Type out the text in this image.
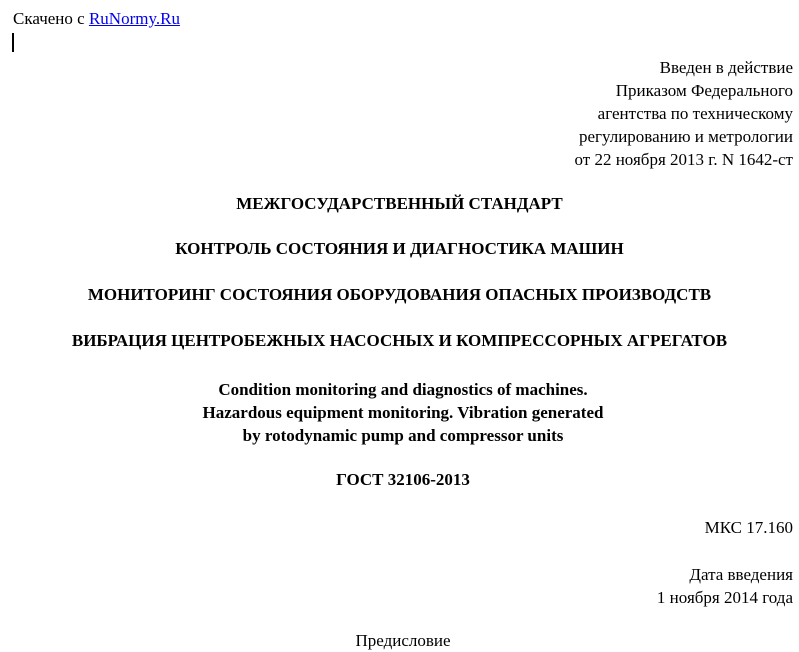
Скачено с RuNormy.Ru
Введен в действие
Приказом Федерального
агентства по техническому
регулированию и метрологии
от 22 ноября 2013 г. N 1642-ст
МЕЖГОСУДАРСТВЕННЫЙ СТАНДАРТ
КОНТРОЛЬ СОСТОЯНИЯ И ДИАГНОСТИКА МАШИН
МОНИТОРИНГ СОСТОЯНИЯ ОБОРУДОВАНИЯ ОПАСНЫХ ПРОИЗВОДСТВ
ВИБРАЦИЯ ЦЕНТРОБЕЖНЫХ НАСОСНЫХ И КОМПРЕССОРНЫХ АГРЕГАТОВ
Condition monitoring and diagnostics of machines.
Hazardous equipment monitoring. Vibration generated
by rotodynamic pump and compressor units
ГОСТ 32106-2013
МКС 17.160
Дата введения
1 ноября 2014 года
Предисловие
